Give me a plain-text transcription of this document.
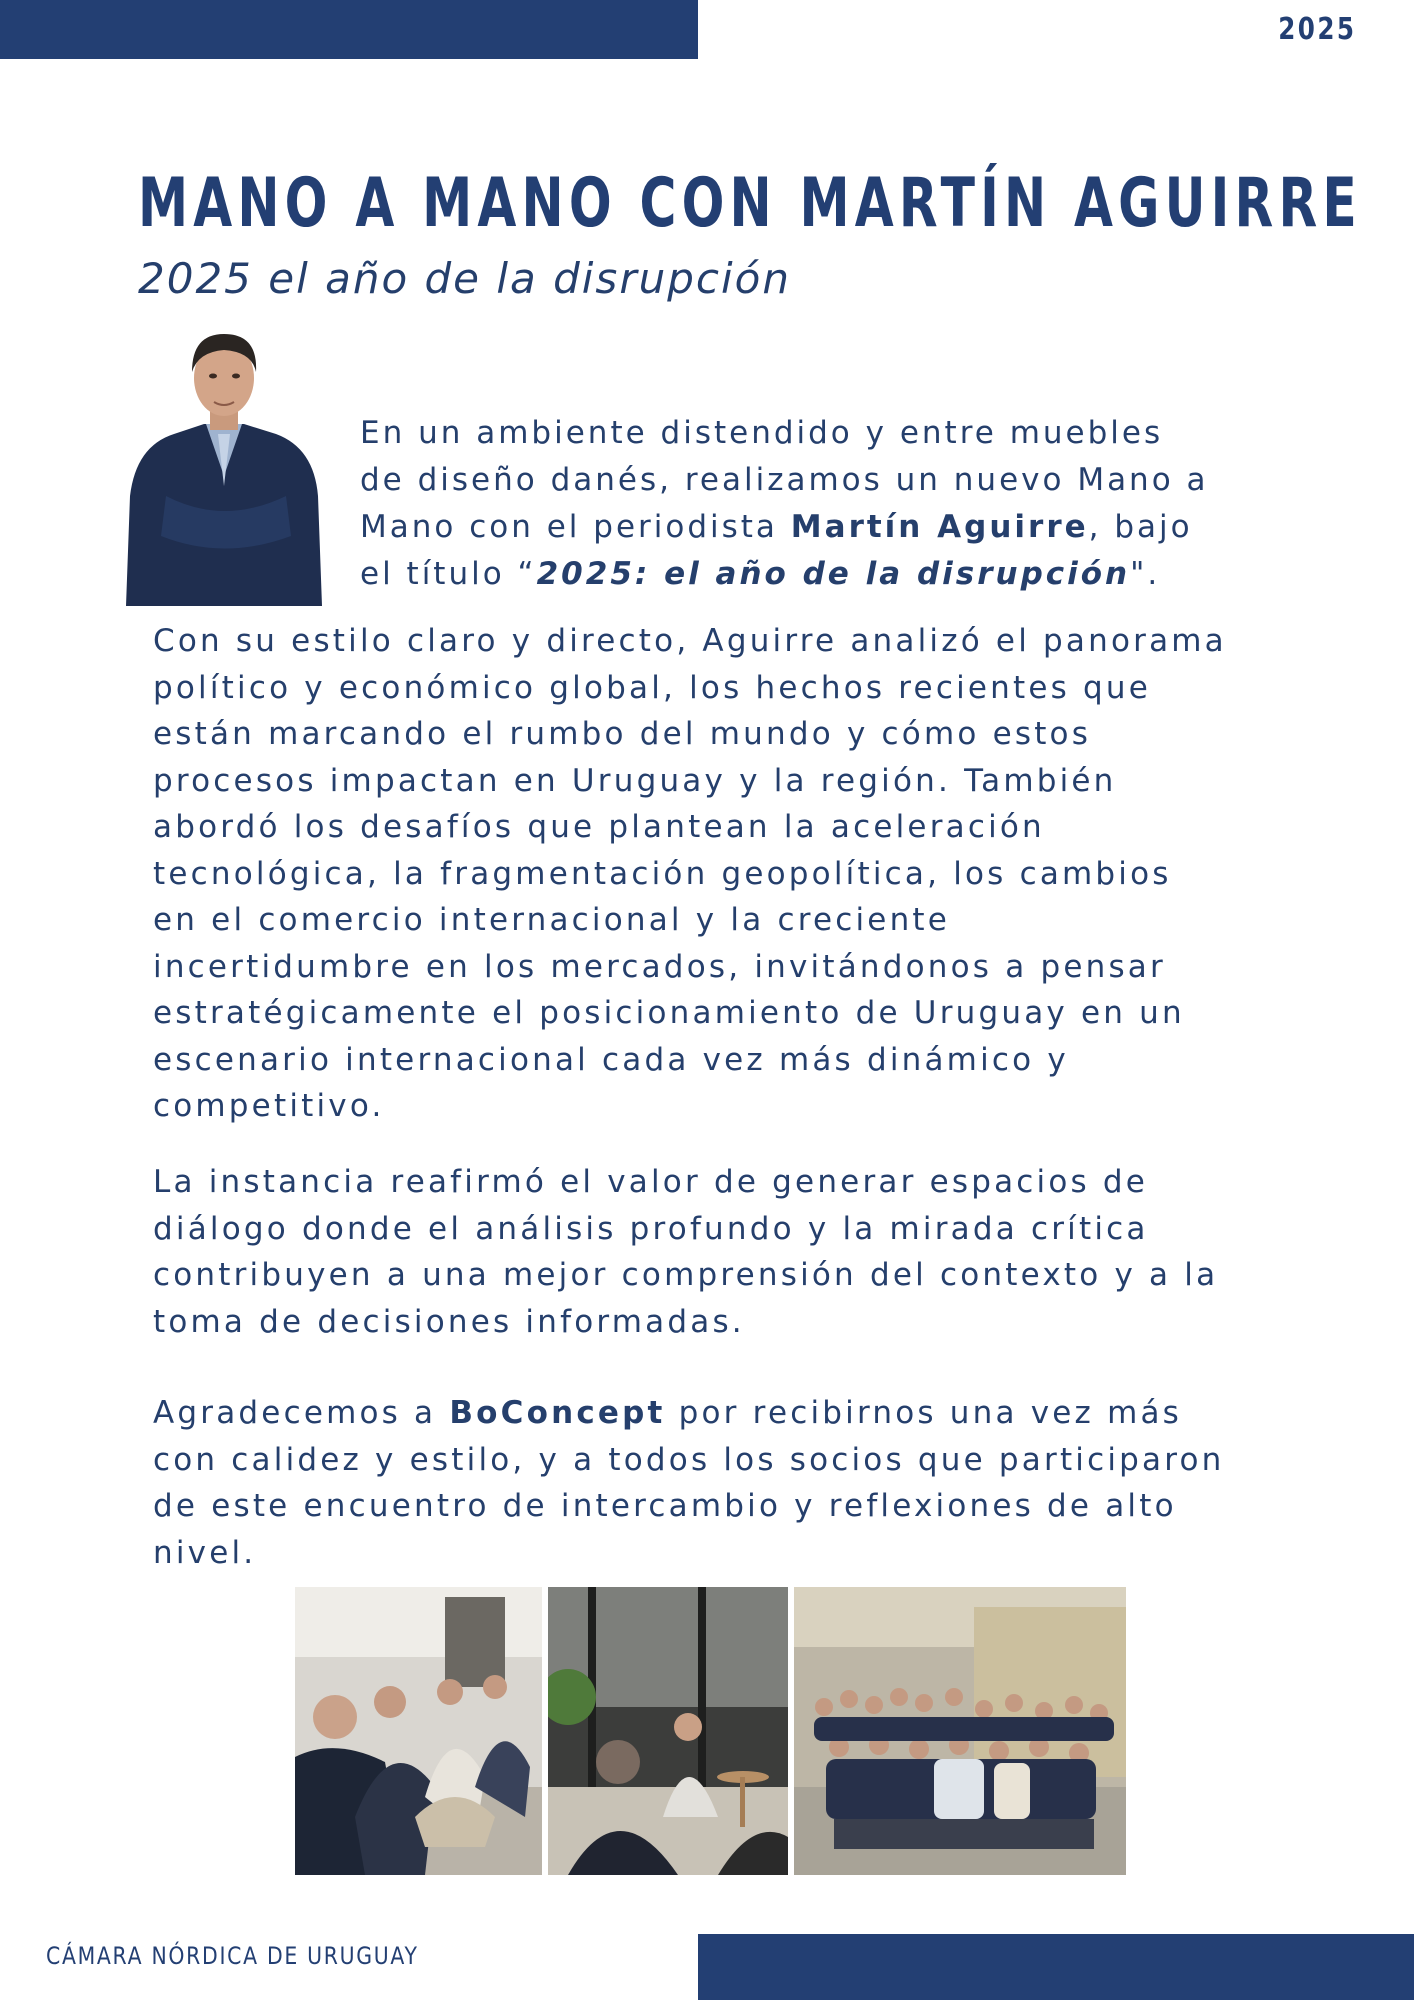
2025
MANO A MANO CON MARTÍN AGUIRRE
2025 el año de la disrupción
En un ambiente distendido y entre muebles
de diseño danés, realizamos un nuevo Mano a
Mano con el periodista Martín Aguirre, bajo
el título “2025: el año de la disrupción".
Con su estilo claro y directo, Aguirre analizó el panorama
político y económico global, los hechos recientes que
están marcando el rumbo del mundo y cómo estos
procesos impactan en Uruguay y la región. También
abordó los desafíos que plantean la aceleración
tecnológica, la fragmentación geopolítica, los cambios
en el comercio internacional y la creciente
incertidumbre en los mercados, invitándonos a pensar
estratégicamente el posicionamiento de Uruguay en un
escenario internacional cada vez más dinámico y
competitivo.
La instancia reafirmó el valor de generar espacios de
diálogo donde el análisis profundo y la mirada crítica
contribuyen a una mejor comprensión del contexto y a la
toma de decisiones informadas.
Agradecemos a BoConcept por recibirnos una vez más
con calidez y estilo, y a todos los socios que participaron
de este encuentro de intercambio y reflexiones de alto
nivel.
CÁMARA NÓRDICA DE URUGUAY
